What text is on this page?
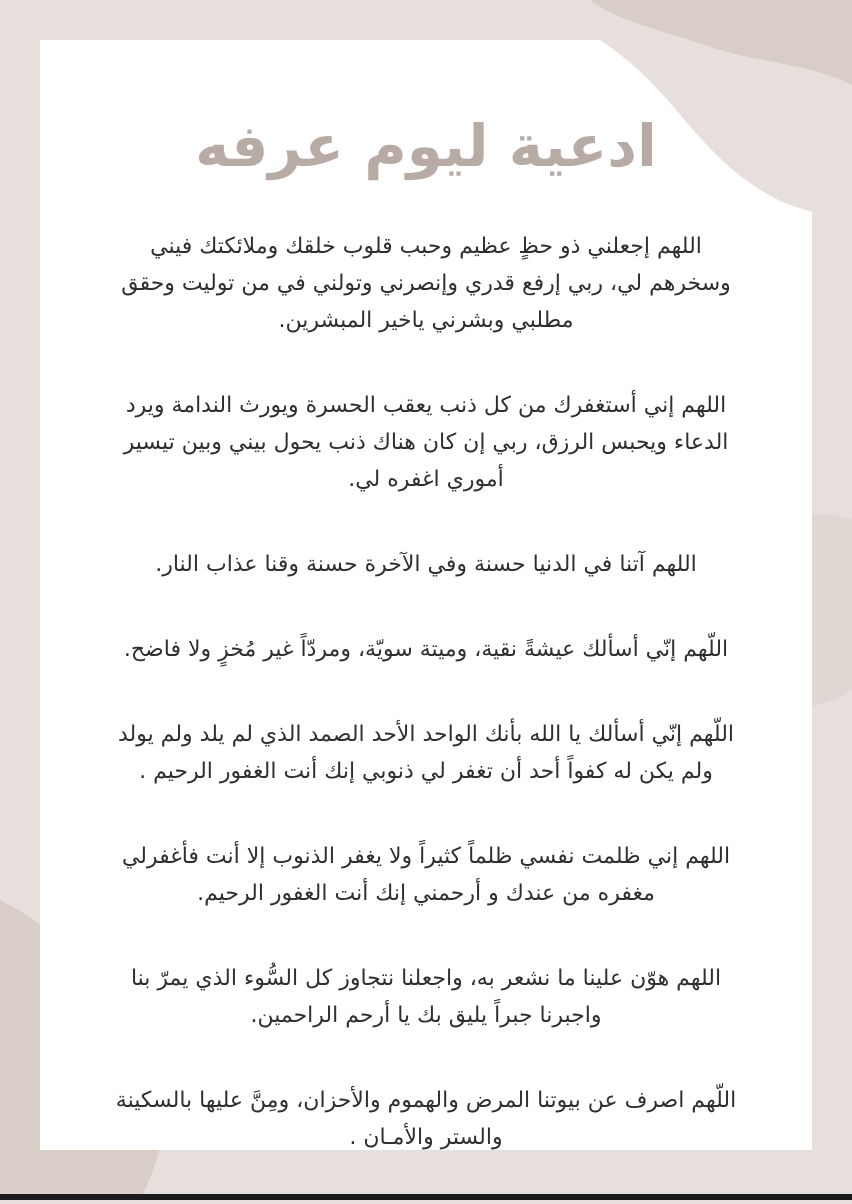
ادعية ليوم عرفه

اللهم إجعلني ذو حظٍ عظيم وحبب قلوب خلقك وملائكتك فيني
وسخرهم لي، ربي إرفع قدري وإنصرني وتولني في من توليت وحقق
مطلبي وبشرني ياخير المبشرين.

اللهم إني أستغفرك من كل ذنب يعقب الحسرة ويورث الندامة ويرد
الدعاء ويحبس الرزق، ربي إن كان هناك ذنب يحول بيني وبين تيسير
أموري اغفره لي.

اللهم آتنا في الدنيا حسنة وفي الآخرة حسنة وقنا عذاب النار.

اللّهم إنّي أسألك عيشةً نقية، وميتة سويّة، ومردّاً غير مُخزٍ ولا فاضح.

اللّهم إنّي أسألك يا الله بأنك الواحد الأحد الصمد الذي لم يلد ولم يولد
ولم يكن له كفواً أحد أن تغفر لي ذنوبي إنك أنت الغفور الرحيم .

اللهم إني ظلمت نفسي ظلماً كثيراً ولا يغفر الذنوب إلا أنت فأغفرلي
مغفره من عندك و أرحمني إنك أنت الغفور الرحيم.

اللهم هوّن علينا ما نشعر به، واجعلنا نتجاوز كل السُّوء الذي يمرّ بنا
واجبرنا جبراً يليق بك يا أرحم الراحمين.

اللّهم اصرف عن بيوتنا المرض والهموم والأحزان، ومِنَّ عليها بالسكينة
والستر والأمـان .
